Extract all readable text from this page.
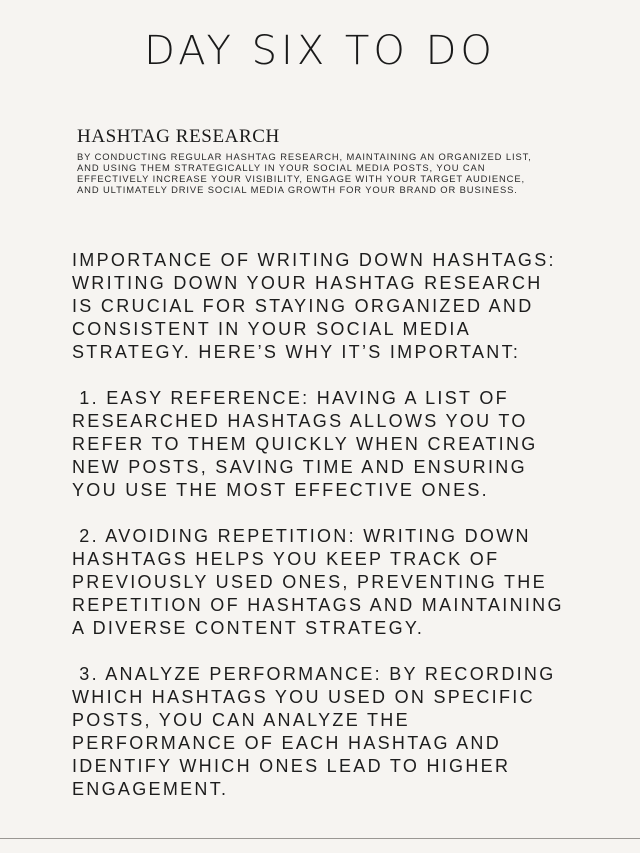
DAY SIX TO DO
HASHTAG RESEARCH
BY CONDUCTING REGULAR HASHTAG RESEARCH, MAINTAINING AN ORGANIZED LIST,
AND USING THEM STRATEGICALLY IN YOUR SOCIAL MEDIA POSTS, YOU CAN
EFFECTIVELY INCREASE YOUR VISIBILITY, ENGAGE WITH YOUR TARGET AUDIENCE,
AND ULTIMATELY DRIVE SOCIAL MEDIA GROWTH FOR YOUR BRAND OR BUSINESS.

IMPORTANCE OF WRITING DOWN HASHTAGS:
WRITING DOWN YOUR HASHTAG RESEARCH
IS CRUCIAL FOR STAYING ORGANIZED AND
CONSISTENT IN YOUR SOCIAL MEDIA
STRATEGY. HERE’S WHY IT’S IMPORTANT:

1. EASY REFERENCE: HAVING A LIST OF
RESEARCHED HASHTAGS ALLOWS YOU TO
REFER TO THEM QUICKLY WHEN CREATING
NEW POSTS, SAVING TIME AND ENSURING
YOU USE THE MOST EFFECTIVE ONES.

2. AVOIDING REPETITION: WRITING DOWN
HASHTAGS HELPS YOU KEEP TRACK OF
PREVIOUSLY USED ONES, PREVENTING THE
REPETITION OF HASHTAGS AND MAINTAINING
A DIVERSE CONTENT STRATEGY.

3. ANALYZE PERFORMANCE: BY RECORDING
WHICH HASHTAGS YOU USED ON SPECIFIC
POSTS, YOU CAN ANALYZE THE
PERFORMANCE OF EACH HASHTAG AND
IDENTIFY WHICH ONES LEAD TO HIGHER
ENGAGEMENT.
